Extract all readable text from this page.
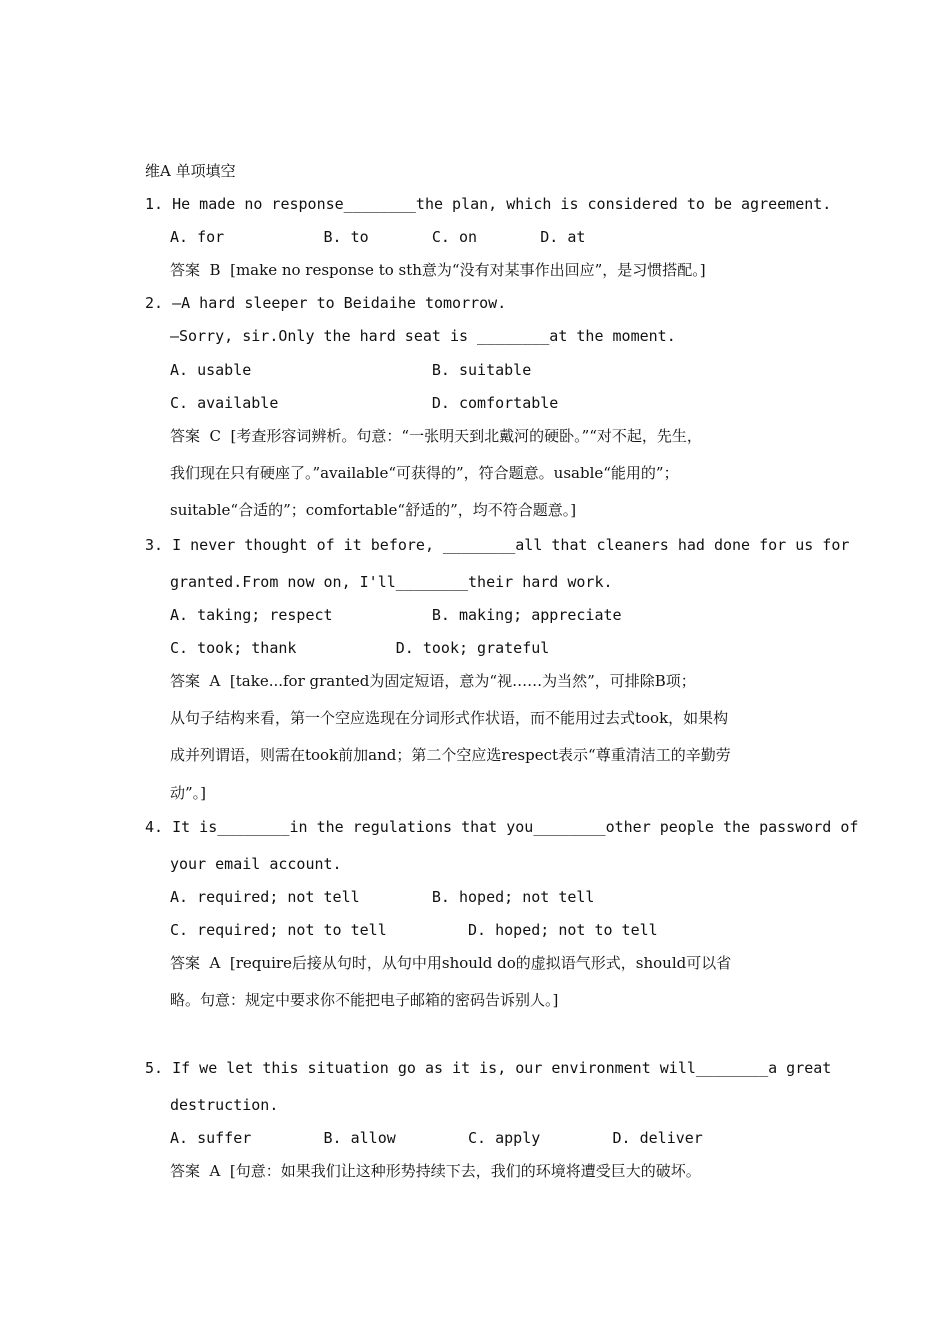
维A 单项填空
1. He made no response________the plan, which is considered to be agreement.
A. for           B. to       C. on       D. at
答案  B  [make no response to sth意为“没有对某事作出回应”，是习惯搭配。]
2. —A hard sleeper to Beidaihe tomorrow.
—Sorry, sir.Only the hard seat is ________at the moment.
A. usable                    B. suitable
C. available                 D. comfortable
答案  C  [考查形容词辨析。句意：“一张明天到北戴河的硬卧。”“对不起，先生，
我们现在只有硬座了。”available“可获得的”，符合题意。usable“能用的”；
suitable“合适的”；comfortable“舒适的”，均不符合题意。]
3. I never thought of it before, ________all that cleaners had done for us for
granted.From now on, I'll________their hard work.
A. taking; respect           B. making; appreciate
C. took; thank           D. took; grateful
答案  A  [take...for granted为固定短语，意为“视……为当然”，可排除B项；
从句子结构来看，第一个空应选现在分词形式作状语，而不能用过去式took，如果构
成并列谓语，则需在took前加and；第二个空应选respect表示“尊重清洁工的辛勤劳
动”。]
4. It is________in the regulations that you________other people the password of
your email account.
A. required; not tell        B. hoped; not tell
C. required; not to tell         D. hoped; not to tell
答案  A  [require后接从句时，从句中用should do的虚拟语气形式，should可以省
略。句意：规定中要求你不能把电子邮箱的密码告诉别人。]
5. If we let this situation go as it is, our environment will________a great
destruction.
A. suffer        B. allow        C. apply        D. deliver
答案  A  [句意：如果我们让这种形势持续下去，我们的环境将遭受巨大的破坏。
